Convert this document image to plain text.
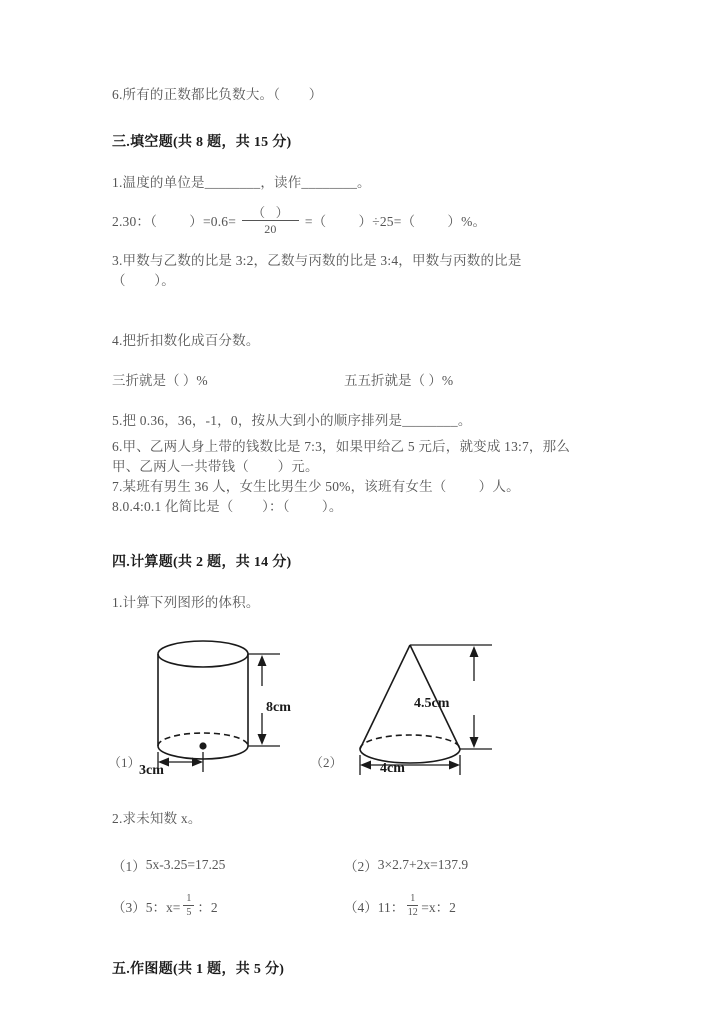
6.所有的正数都比负数大。（        ）
三.填空题(共 8 题，共 15 分)
1.温度的单位是________，读作________。
2.30：（         ）$=0.6= \frac{( )}{20}$ =（         ）÷25=（         ）%。
3.甲数与乙数的比是 3:2，乙数与丙数的比是 3:4，甲数与丙数的比是
（        ）。
4.把折扣数化成百分数。
三折就是（ ）%	五五折就是（ ）%
5.把 0.36，36，-1，0，按从大到小的顺序排列是________。
6.甲、乙两人身上带的钱数比是 7:3，如果甲给乙 5 元后，就变成 13:7，那么
甲、乙两人一共带钱（        ）元。
7.某班有男生 36 人，女生比男生少 50%，该班有女生（         ）人。
8.0.4:0.1 化简比是（        ）：（         ）。
四.计算题(共 2 题，共 14 分)
1.计算下列图形的体积。
（1）
8cm
3cm
（2）
4.5cm
4cm
2.求未知数 x。
（1） 5x-3.25=17.25	（2） 3×2.7+2x=137.9
（3） 5：$x= \frac{1}{5}$ ：2	（4） 11： $\frac{1}{12} =x$：2
五.作图题(共 1 题，共 5 分)
